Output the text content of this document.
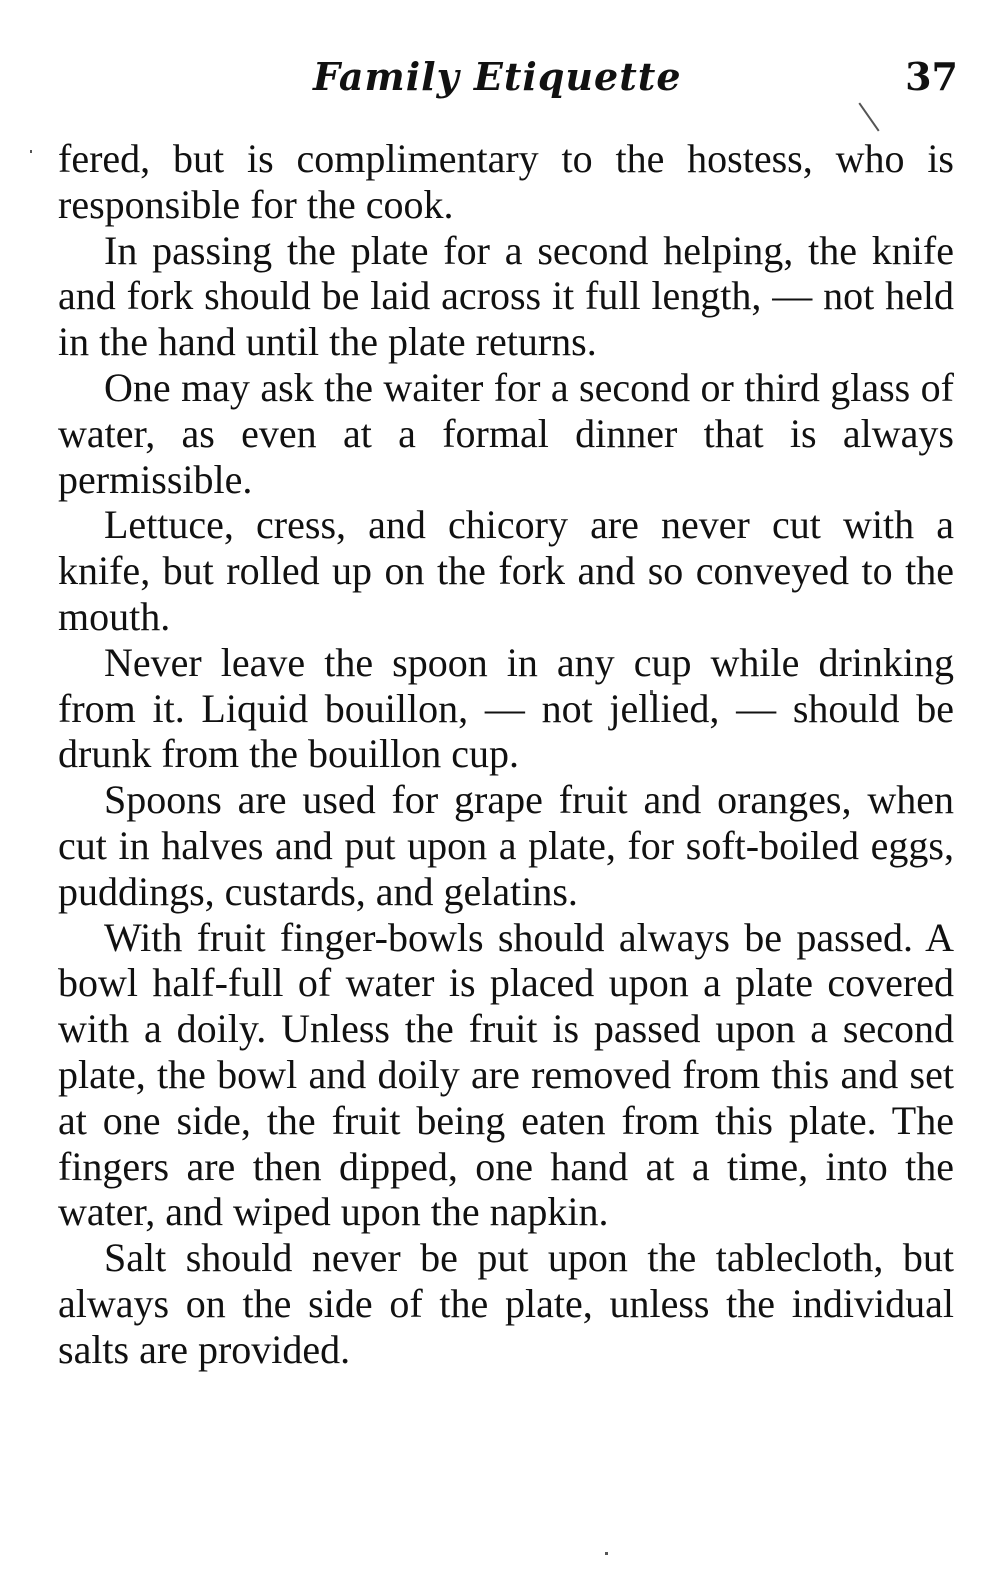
Family Etiquette	37

fered, but is complimentary to the hostess, who is responsible for the cook.

In passing the plate for a second helping, the knife and fork should be laid across it full length, — not held in the hand until the plate returns.

One may ask the waiter for a second or third glass of water, as even at a formal dinner that is always permissible.

Lettuce, cress, and chicory are never cut with a knife, but rolled up on the fork and so conveyed to the mouth.

Never leave the spoon in any cup while drinking from it. Liquid bouillon, — not jellied, — should be drunk from the bouillon cup.

Spoons are used for grape fruit and oranges, when cut in halves and put upon a plate, for soft-boiled eggs, puddings, custards, and gelatins.

With fruit finger-bowls should always be passed. A bowl half-full of water is placed upon a plate covered with a doily. Unless the fruit is passed upon a second plate, the bowl and doily are removed from this and set at one side, the fruit being eaten from this plate. The fingers are then dipped, one hand at a time, into the water, and wiped upon the napkin.

Salt should never be put upon the tablecloth, but always on the side of the plate, unless the individual salts are provided.
